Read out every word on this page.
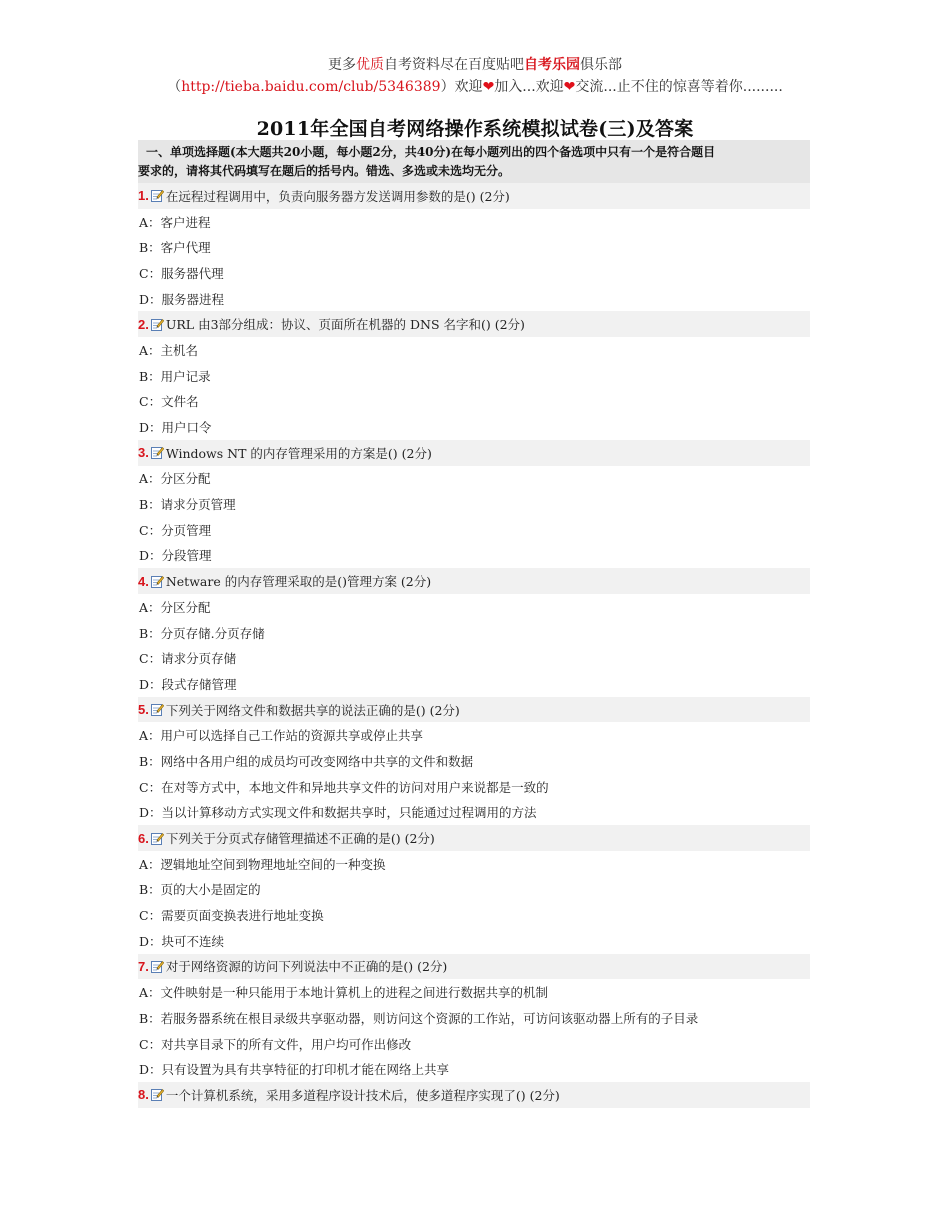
更多优质自考资料尽在百度贴吧自考乐园俱乐部
（http://tieba.baidu.com/club/5346389）欢迎❤加入...欢迎❤交流...止不住的惊喜等着你.........
2011年全国自考网络操作系统模拟试卷(三)及答案
一、单项选择题(本大题共20小题，每小题2分，共40分)在每小题列出的四个备选项中只有一个是符合题目
要求的，请将其代码填写在题后的括号内。错选、多选或未选均无分。
1. 在远程过程调用中，负责向服务器方发送调用参数的是() (2分)
A：客户进程
B：客户代理
C：服务器代理
D：服务器进程
2. URL 由3部分组成：协议、页面所在机器的 DNS 名字和() (2分)
A：主机名
B：用户记录
C：文件名
D：用户口令
3. Windows NT 的内存管理采用的方案是() (2分)
A：分区分配
B：请求分页管理
C：分页管理
D：分段管理
4. Netware 的内存管理采取的是()管理方案 (2分)
A：分区分配
B：分页存储.分页存储
C：请求分页存储
D：段式存储管理
5. 下列关于网络文件和数据共享的说法正确的是() (2分)
A：用户可以选择自己工作站的资源共享或停止共享
B：网络中各用户组的成员均可改变网络中共享的文件和数据
C：在对等方式中，本地文件和异地共享文件的访问对用户来说都是一致的
D：当以计算移动方式实现文件和数据共享时，只能通过过程调用的方法
6. 下列关于分页式存储管理描述不正确的是() (2分)
A：逻辑地址空间到物理地址空间的一种变换
B：页的大小是固定的
C：需要页面变换表进行地址变换
D：块可不连续
7. 对于网络资源的访问下列说法中不正确的是() (2分)
A：文件映射是一种只能用于本地计算机上的进程之间进行数据共享的机制
B：若服务器系统在根目录级共享驱动器，则访问这个资源的工作站，可访问该驱动器上所有的子目录
C：对共享目录下的所有文件，用户均可作出修改
D：只有设置为具有共享特征的打印机才能在网络上共享
8. 一个计算机系统，采用多道程序设计技术后，使多道程序实现了() (2分)
